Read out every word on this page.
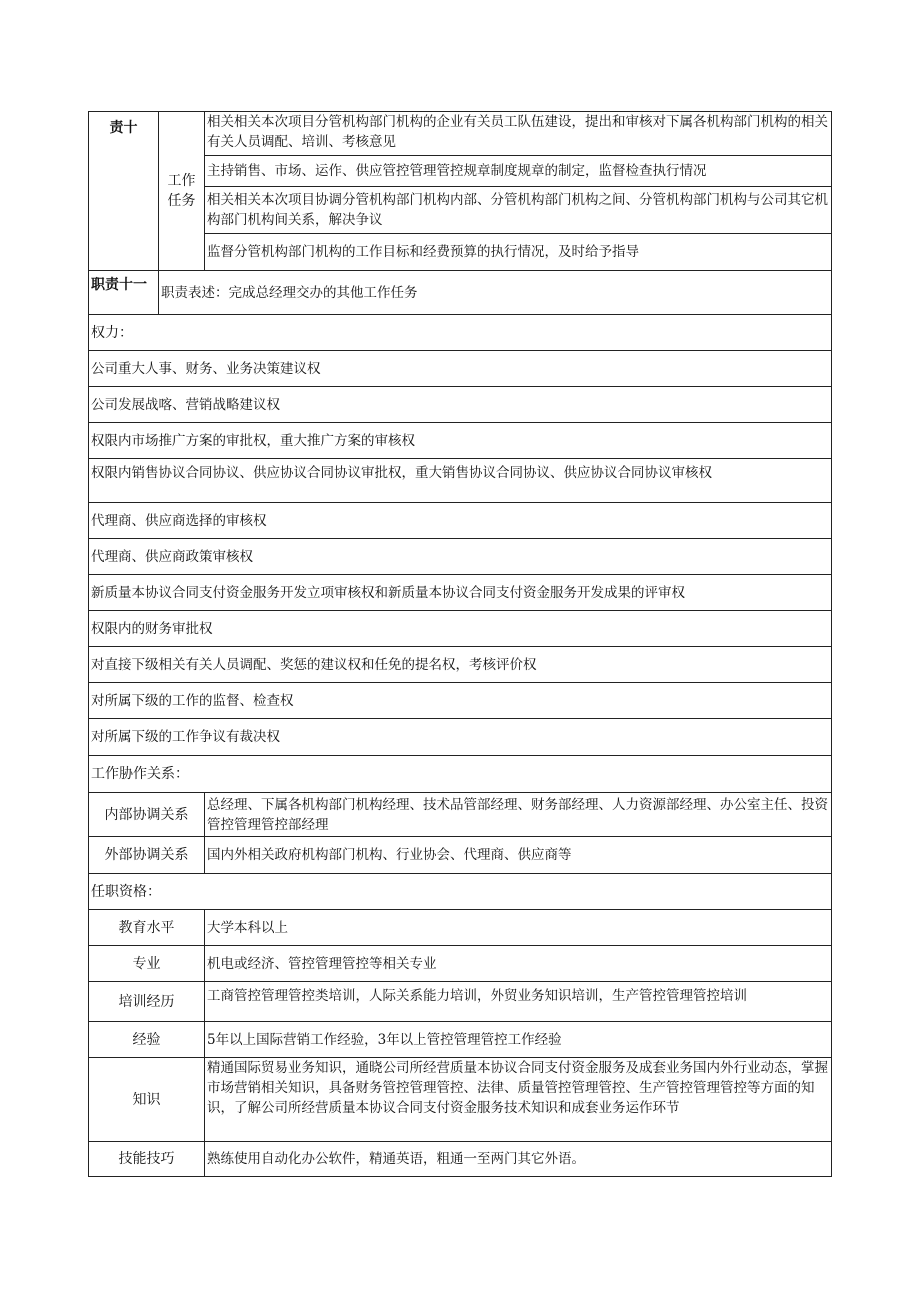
责十	工作任务	相关相关本次项目分管机构部门机构的企业有关员工队伍建设，提出和审核对下属各机构部门机构的相关有关人员调配、培训、考核意见
		主持销售、市场、运作、供应管控管理管控规章制度规章的制定，监督检查执行情况
		相关相关本次项目协调分管机构部门机构内部、分管机构部门机构之间、分管机构部门机构与公司其它机构部门机构间关系，解决争议
		监督分管机构部门机构的工作目标和经费预算的执行情况，及时给予指导
职责十一	职责表述：完成总经理交办的其他工作任务	
权力：		
公司重大人事、财务、业务决策建议权		
公司发展战喀、营销战略建议权		
权限内市场推广方案的审批权，重大推广方案的审核权		
权限内销售协议合同协议、供应协议合同协议审批权，重大销售协议合同协议、供应协议合同协议审核权		
代理商、供应商选择的审核权		
代理商、供应商政策审核权		
新质量本协议合同支付资金服务开发立项审核权和新质量本协议合同支付资金服务开发成果的评审权		
权限内的财务审批权		
对直接下级相关有关人员调配、奖惩的建议权和任免的提名权，考核评价权		
对所属下级的工作的监督、检查权		
对所属下级的工作争议有裁决权		
工作胁作关系：		
内部协调关系		总经理、下属各机构部门机构经理、技术品管部经理、财务部经理、人力资源部经理、办公室主任、投资管控管理管控部经理
外部协调关系		国内外相关政府机构部门机构、行业协会、代理商、供应商等
任职资格：		
教育水平		大学本科以上
专业		机电或经济、管控管理管控等相关专业
培训经历		工商管控管理管控类培训，人际关系能力培训，外贸业务知识培训，生产管控管理管控培训
经验		5年以上国际营销工作经验，3年以上管控管理管控工作经验
知识		精通国际贸易业务知识，通晓公司所经营质量本协议合同支付资金服务及成套业务国内外行业动态，掌握市场营销相关知识，具备财务管控管理管控、法律、质量管控管理管控、生产管控管理管控等方面的知识，了解公司所经营质量本协议合同支付资金服务技术知识和成套业务运作环节
技能技巧		熟练使用自动化办公软件，精通英语，粗通一至两门其它外语。
